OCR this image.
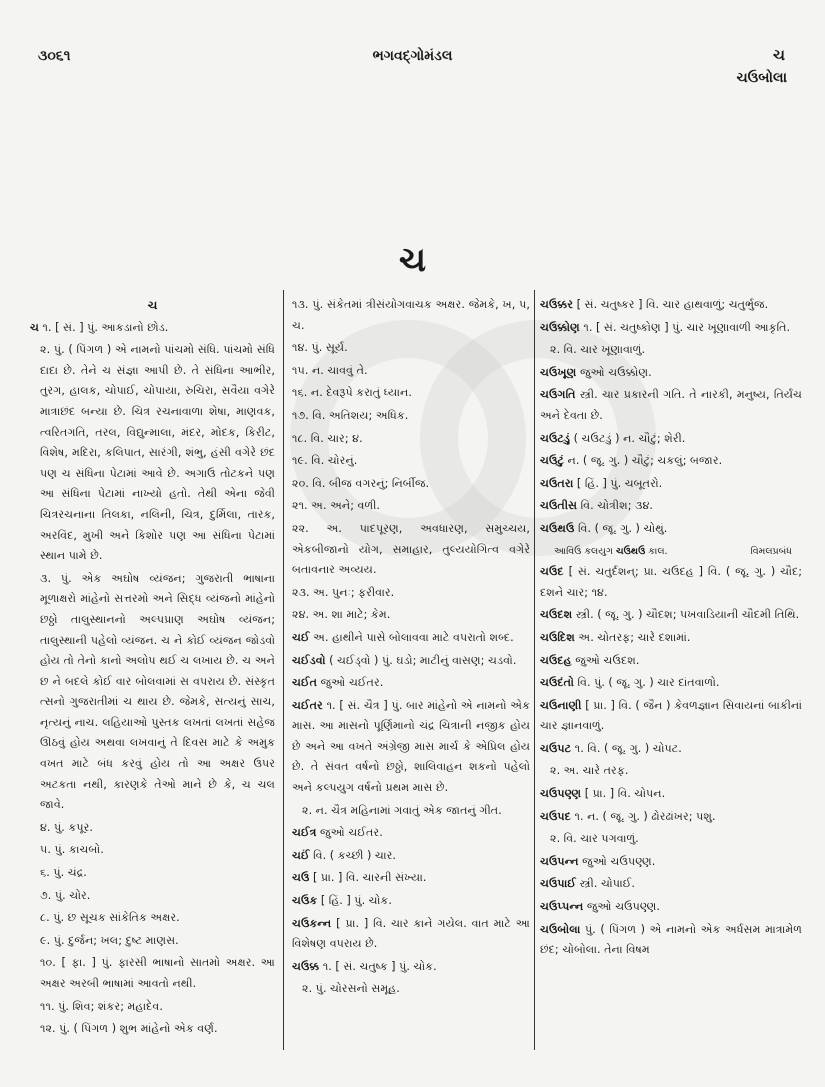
૩૦૬૧	ભગવદ્ગોમંડલ	ચ
ચઉબોલા
ચ
ચ
ચ ૧. [ સં. ] પું. આકડાનો છોડ.
૨. પું. ( પિંગળ ) એ નામનો પાંચમો સંધિ. પાંચમો સંધિ દાદા છે. તેને ચ સંજ્ઞા આપી છે. તે સંધિના આભીર, તુરગ, હાલક, ચોપાઈ, ચોપાયા, રુચિરા, સવૈયા વગેરે માત્રાછંદ બન્યા છે. ચિત્ર રચનાવાળા શેષા, માણવક, ત્વરિતગતિ, તરલ, વિદ્યુન્માલા, મંદર, મોદક, કિરીટ, વિશેષ, મદિરા, કલિપાત, સારંગી, શંભુ, હંસી વગેરે છંદ પણ ચ સંધિના પેટામાં આવે છે. અગાઉ તોટકને પણ આ સંધિના પેટામાં નાખ્યો હતો. તેથી એના જેવી ચિત્રરચનાના તિલકા, નલિની, ચિત્ર, દુર્મિલા, તારક, અરવિંદ, મુખી અને કિશોર પણ આ સંધિના પેટામાં સ્થાન પામે છે.
૩. પું. એક અઘોષ વ્યંજન; ગુજરાતી ભાષાના મૂળાક્ષરો માંહેનો સત્તરમો અને સિદ્ધ વ્યંજનો માંહેનો છઠ્ઠો તાલુસ્થાનનો અલ્પપ્રાણ અઘોષ વ્યંજન; તાલુસ્થાની પહેલો વ્યંજન. ચ ને કોઈ વ્યંજન જોડવો હોય તો તેનો કાનો અલોપ થઈ ચ લખાય છે. ચ અને છ ને બદલે કોઈ વાર બોલવામાં સ વપરાય છે. સંસ્કૃત ત્સનો ગુજરાતીમાં ચ થાય છે. જેમકે, સત્યનું સાચ, નૃત્યનું નાચ. લહિયાઓ પુસ્તક લખતાં લખતાં સહેજ ઊઠવું હોય અથવા લખવાનું તે દિવસ માટે કે અમુક વખત માટે બંધ કરવું હોય તો આ અક્ષર ઉપર અટકતા નથી, કારણકે તેઓ માને છે કે, ચ ચલ જાવે.
૪. પું. કપૂર.
૫. પું. કાચબો.
૬. પું. ચંદ્ર.
૭. પું. ચોર.
૮. પું. છ સૂચક સાંકેતિક અક્ષર.
૯. પું. દુર્જન; ખલ; દુષ્ટ માણસ.
૧૦. [ ફા. ] પું. ફારસી ભાષાનો સાતમો અક્ષર. આ અક્ષર અરબી ભાષામાં આવતો નથી.
૧૧. પું. શિવ; શંકર; મહાદેવ.
૧૨. પું. ( પિંગળ ) શુભ માંહેનો એક વર્ણ.
૧૩. પું. સંકેતમાં ત્રીસંયોગવાચક અક્ષર. જેમકે, ખ, પ, ચ.
૧૪. પું. સૂર્ય.
૧૫. ન. ચાવવું તે.
૧૬. ન. દેવરૂપે કરાતું ધ્યાન.
૧૭. વિ. અતિશય; અધિક.
૧૮. વિ. ચાર; ૪.
૧૯. વિ. ચોરનું.
૨૦. વિ. બીજ વગરનું; નિર્બીજ.
૨૧. અ. અને; વળી.
૨૨. અ. પાદપૂરણ, અવધારણ, સમુચ્ચય, એકબીજાનો યોગ, સમાહાર, તુલ્યયોગિત્વ વગેરે બતાવનાર અવ્યય.
૨૩. અ. પુનઃ; ફરીવાર.
૨૪. અ. શા માટે; કેમ.
ચઈ અ. હાથીને પાસે બોલાવવા માટે વપરાતો શબ્દ.
ચઈડવો ( ચઈડ્વો ) પું. ઘડો; માટીનું વાસણ; ચડવો.
ચઈત જુઓ ચઈતર.
ચઈતર ૧. [ સં. ચૈત્ર ] પું. બાર માંહેનો એ નામનો એક માસ. આ માસનો પૂર્ણિમાનો ચંદ્ર ચિત્રાની નજીક હોય છે અને આ વખતે અંગ્રેજી માસ માર્ચ કે એપ્રિલ હોય છે. તે સંવત વર્ષનો છઠ્ઠો, શાલિવાહન શકનો પહેલો અને કલ્પયુગ વર્ષનો પ્રથમ માસ છે.
૨. ન. ચૈત્ર મહિનામાં ગવાતું એક જાતનું ગીત.
ચઈત્ર જુઓ ચઈતર.
ચઈં વિ. ( કચ્છી ) ચાર.
ચઉ [ પ્રા. ] વિ. ચારની સંખ્યા.
ચઉક [ હિં. ] પું. ચોક.
ચઉકન્ન [ પ્રા. ] વિ. ચાર કાને ગયેલ. વાત માટે આ વિશેષણ વપરાય છે.
ચઉક્ક ૧. [ સં. ચતુષ્ક ] પું. ચોક.
૨. પું. ચોરસનો સમૂહ.
ચઉક્કર [ સં. ચતુષ્કર ] વિ. ચાર હાથવાળું; ચતુર્ભુજ.
ચઉક્કોણ ૧. [ સં. ચતુષ્કોણ ] પું. ચાર ખૂણાવાળી આકૃતિ.
૨. વિ. ચાર ખૂણાવાળું.
ચઉખૂણ જુઓ ચઉક્કોણ.
ચઉગતિ સ્ત્રી. ચાર પ્રકારની ગતિ. તે નારકી, મનુષ્ય, તિર્યંચ અને દેવતા છે.
ચઉટડું ( ચઉટડું ) ન. ચૌટું; શેરી.
ચઉટું ન. ( જૂ. ગુ. ) ચૌટું; ચકલું; બજાર.
ચઉતરા [ હિં. ] પું. ચબૂતરો.
ચઉતીસ વિ. ચોત્રીશ; ૩૪.
ચઉથઉ વિ. ( જૂ. ગુ. ) ચોથું.
આવિઉ કલયુગ ચઉથઉ કાલ.	વિમલપ્રબંધ
ચઉદ [ સં. ચતુર્દશન્; પ્રા. ચઉદહ ] વિ. ( જૂ. ગુ. ) ચૌદ; દશને ચાર; ૧૪.
ચઉદશ સ્ત્રી. ( જૂ. ગુ. ) ચૌદશ; પખવાડિયાની ચૌદમી તિથિ.
ચઉદિશ અ. ચોતરફ; ચારે દશામાં.
ચઉદહ જુઓ ચઉદશ.
ચઉદંતો વિ. પું. ( જૂ. ગુ. ) ચાર દાંતવાળો.
ચઉનાણી [ પ્રા. ] વિ. ( જૈન ) કેવળજ્ઞાન સિવાયનાં બાકીનાં ચાર જ્ઞાનવાળું.
ચઉપટ ૧. વિ. ( જૂ. ગુ. ) ચોપટ.
૨. અ. ચારે તરફ.
ચઉપણ્ણ [ પ્રા. ] વિ. ચોપન.
ચઉપદ ૧. ન. ( જૂ. ગુ. ) ઢોરઢાંખર; પશુ.
૨. વિ. ચાર પગવાળું.
ચઉપન્ન જુઓ ચઉપણ્ણ.
ચઉપાઈ સ્ત્રી. ચોપાઈ.
ચઉપ્પન્ન જુઓ ચઉપણ્ણ.
ચઉબોલા પું. ( પિંગળ ) એ નામનો એક અર્ધસમ માત્રામેળ છંદ; ચોબોલા. તેના વિષમ
